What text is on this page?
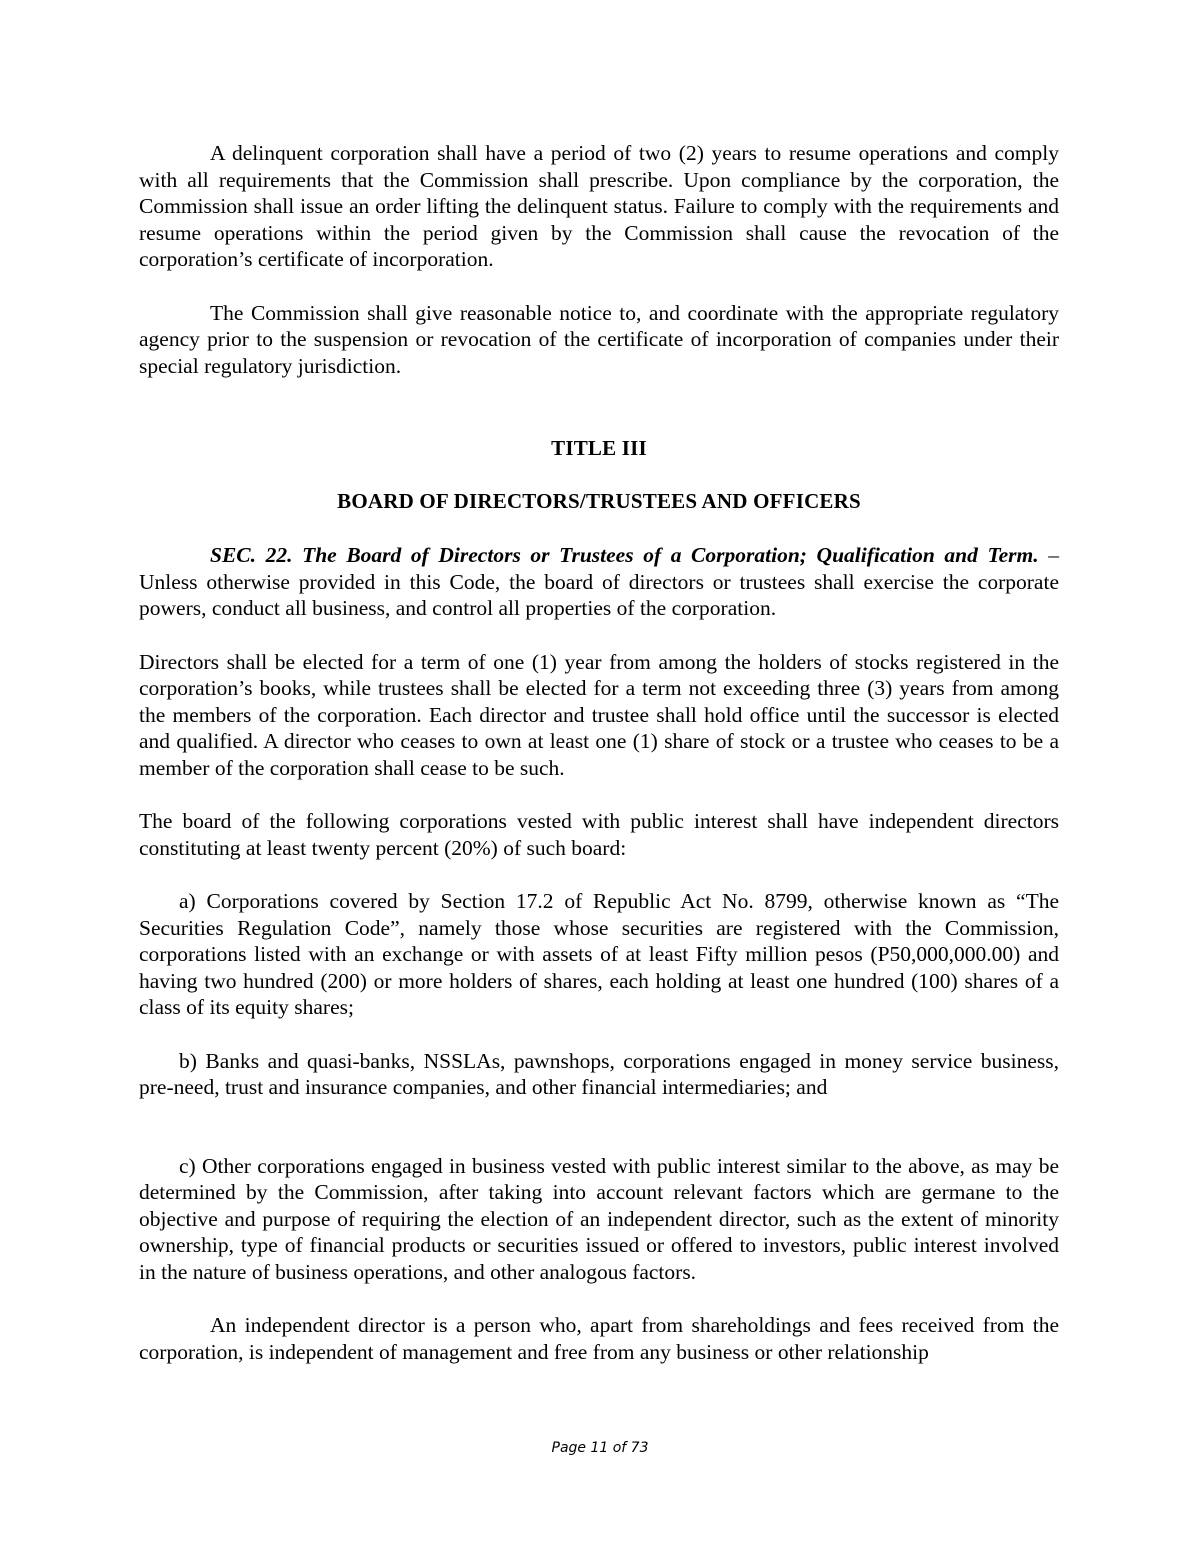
A delinquent corporation shall have a period of two (2) years to resume operations and comply with all requirements that the Commission shall prescribe. Upon compliance by the corporation, the Commission shall issue an order lifting the delinquent status. Failure to comply with the requirements and resume operations within the period given by the Commission shall cause the revocation of the corporation’s certificate of incorporation.

The Commission shall give reasonable notice to, and coordinate with the appropriate regulatory agency prior to the suspension or revocation of the certificate of incorporation of companies under their special regulatory jurisdiction.

TITLE III

BOARD OF DIRECTORS/TRUSTEES AND OFFICERS

SEC. 22. The Board of Directors or Trustees of a Corporation; Qualification and Term. – Unless otherwise provided in this Code, the board of directors or trustees shall exercise the corporate powers, conduct all business, and control all properties of the corporation.

Directors shall be elected for a term of one (1) year from among the holders of stocks registered in the corporation’s books, while trustees shall be elected for a term not exceeding three (3) years from among the members of the corporation. Each director and trustee shall hold office until the successor is elected and qualified. A director who ceases to own at least one (1) share of stock or a trustee who ceases to be a member of the corporation shall cease to be such.

The board of the following corporations vested with public interest shall have independent directors constituting at least twenty percent (20%) of such board:

a) Corporations covered by Section 17.2 of Republic Act No. 8799, otherwise known as “The Securities Regulation Code”, namely those whose securities are registered with the Commission, corporations listed with an exchange or with assets of at least Fifty million pesos (P50,000,000.00) and having two hundred (200) or more holders of shares, each holding at least one hundred (100) shares of a class of its equity shares;

b) Banks and quasi-banks, NSSLAs, pawnshops, corporations engaged in money service business, pre-need, trust and insurance companies, and other financial intermediaries; and

c) Other corporations engaged in business vested with public interest similar to the above, as may be determined by the Commission, after taking into account relevant factors which are germane to the objective and purpose of requiring the election of an independent director, such as the extent of minority ownership, type of financial products or securities issued or offered to investors, public interest involved in the nature of business operations, and other analogous factors.

An independent director is a person who, apart from shareholdings and fees received from the corporation, is independent of management and free from any business or other relationship

Page 11 of 73
